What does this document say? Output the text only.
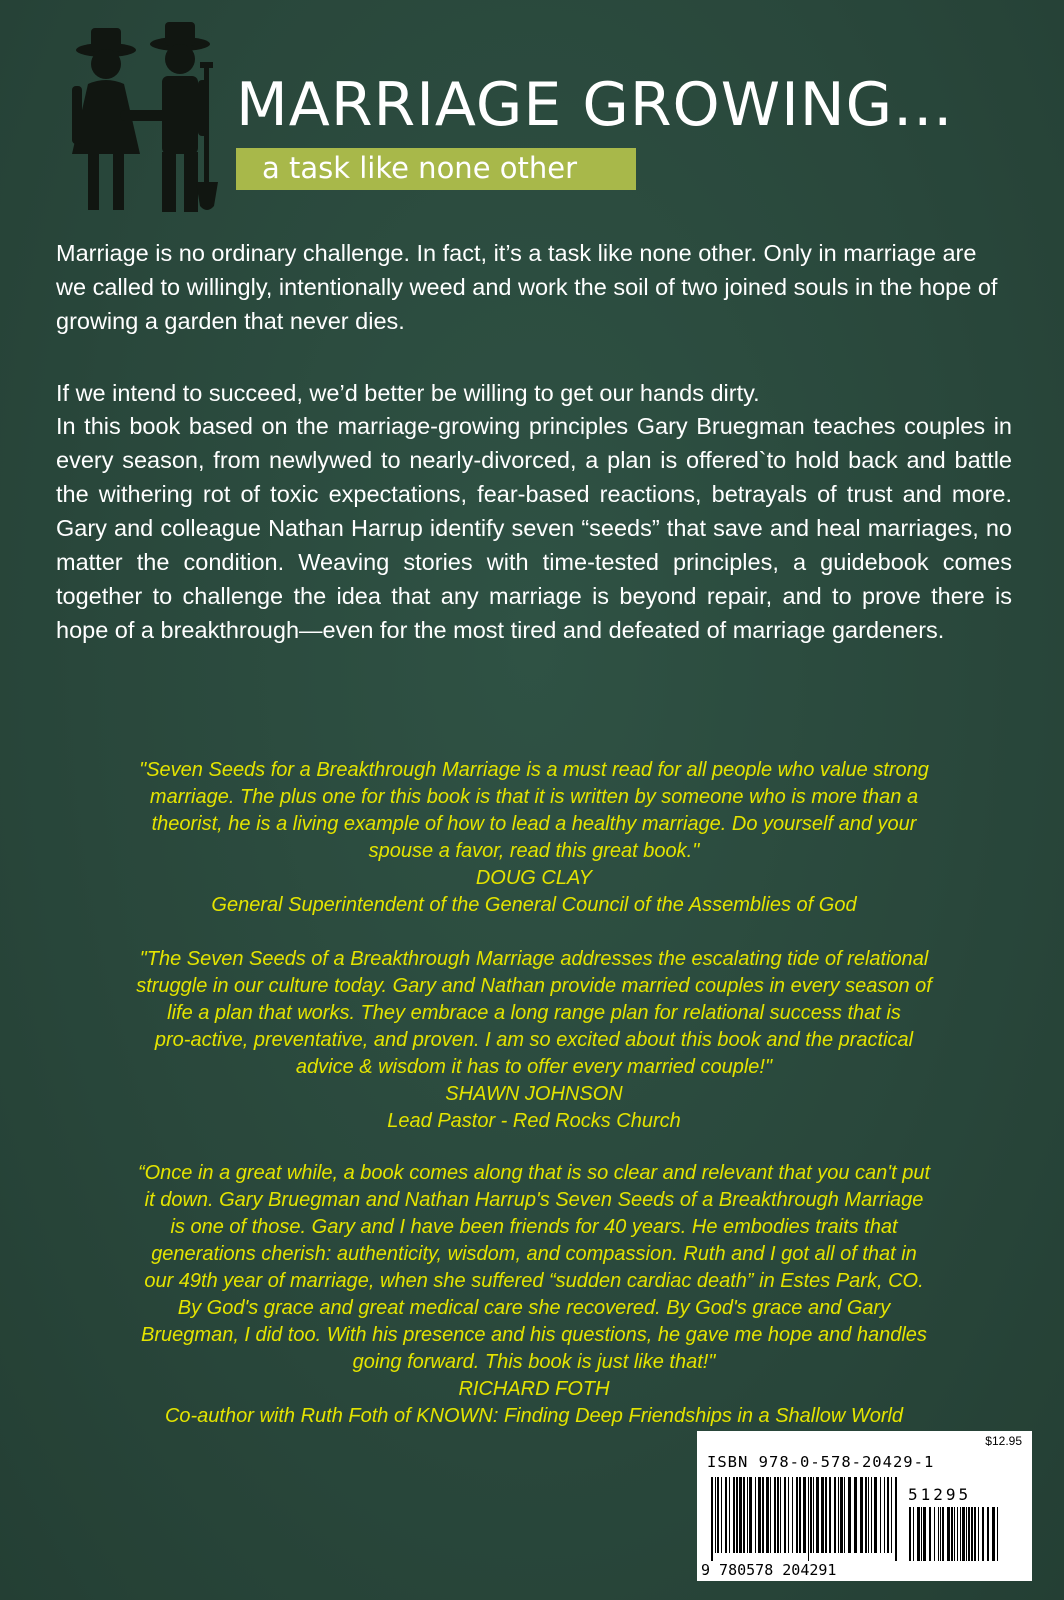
MARRIAGE GROWING...
a task like none other

Marriage is no ordinary challenge. In fact, it’s a task like none other. Only in marriage are we called to willingly, intentionally weed and work the soil of two joined souls in the hope of growing a garden that never dies.

If we intend to succeed, we’d better be willing to get our hands dirty.

In this book based on the marriage-growing principles Gary Bruegman teaches couples in every season, from newlywed to nearly-divorced, a plan is offered`to hold back and battle the withering rot of toxic expectations, fear-based reactions, betrayals of trust and more. Gary and colleague Nathan Harrup identify seven “seeds” that save and heal marriages, no matter the condition. Weaving stories with time-tested principles, a guidebook comes together to challenge the idea that any marriage is beyond repair, and to prove there is hope of a breakthrough—even for the most tired and defeated of marriage gardeners.

"Seven Seeds for a Breakthrough Marriage is a must read for all people who value strong
marriage. The plus one for this book is that it is written by someone who is more than a
theorist, he is a living example of how to lead a healthy marriage. Do yourself and your
spouse a favor, read this great book."
DOUG CLAY
General Superintendent of the General Council of the Assemblies of God
"The Seven Seeds of a Breakthrough Marriage addresses the escalating tide of relational
struggle in our culture today. Gary and Nathan provide married couples in every season of
life a plan that works. They embrace a long range plan for relational success that is
pro-active, preventative, and proven. I am so excited about this book and the practical
advice & wisdom it has to offer every married couple!"
SHAWN JOHNSON
Lead Pastor - Red Rocks Church
“Once in a great while, a book comes along that is so clear and relevant that you can't put
it down. Gary Bruegman and Nathan Harrup's Seven Seeds of a Breakthrough Marriage
is one of those. Gary and I have been friends for 40 years. He embodies traits that
generations cherish: authenticity, wisdom, and compassion. Ruth and I got all of that in
our 49th year of marriage, when she suffered “sudden cardiac death” in Estes Park, CO.
By God's grace and great medical care she recovered. By God's grace and Gary
Bruegman, I did too. With his presence and his questions, he gave me hope and handles
going forward. This book is just like that!"
RICHARD FOTH
Co-author with Ruth Foth of KNOWN: Finding Deep Friendships in a Shallow World
$12.95
ISBN 978-0-578-20429-1
51295
9 780578 204291
